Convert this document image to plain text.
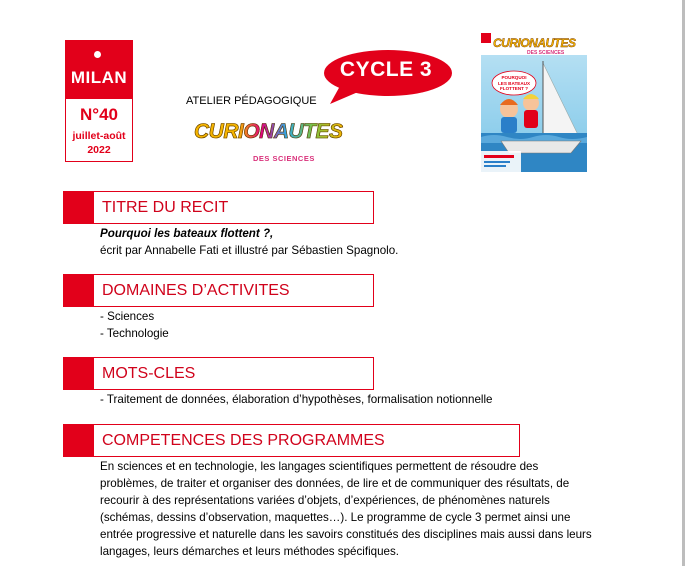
MILAN
N°40
juillet-août
2022
ATELIER PÉDAGOGIQUE
CYCLE 3
CURIONAUTES
DES SCIENCES
CURIONAUTES
DES SCIENCES
POURQUOI
LES BATEAUX
FLOTTENT ?
TITRE DU RECIT
Pourquoi les bateaux flottent ?,
écrit par Annabelle Fati et illustré par Sébastien Spagnolo.
DOMAINES D’ACTIVITES
- Sciences
- Technologie
MOTS-CLES
- Traitement de données, élaboration d’hypothèses, formalisation notionnelle
COMPETENCES DES PROGRAMMES
En sciences et en technologie, les langages scientifiques permettent de résoudre des
problèmes, de traiter et organiser des données, de lire et de communiquer des résultats, de
recourir à des représentations variées d’objets, d’expériences, de phénomènes naturels
(schémas, dessins d’observation, maquettes…). Le programme de cycle 3 permet ainsi une
entrée progressive et naturelle dans les savoirs constitués des disciplines mais aussi dans leurs
langages, leurs démarches et leurs méthodes spécifiques.
